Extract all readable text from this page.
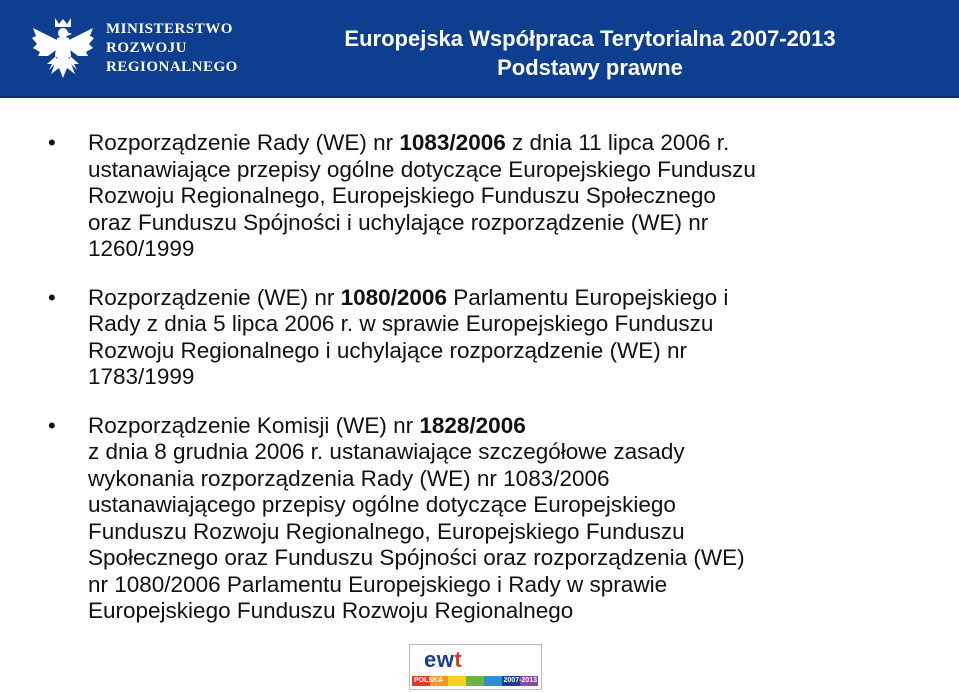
MINISTERSTWO
ROZWOJU
REGIONALNEGO
Europejska Współpraca Terytorialna 2007-2013
Podstawy prawne
• Rozporządzenie Rady (WE) nr 1083/2006 z dnia 11 lipca 2006 r.
ustanawiające przepisy ogólne dotyczące Europejskiego Funduszu
Rozwoju Regionalnego, Europejskiego Funduszu Społecznego
oraz Funduszu Spójności i uchylające rozporządzenie (WE) nr
1260/1999
• Rozporządzenie (WE) nr 1080/2006 Parlamentu Europejskiego i
Rady z dnia 5 lipca 2006 r. w sprawie Europejskiego Funduszu
Rozwoju Regionalnego i uchylające rozporządzenie (WE) nr
1783/1999
• Rozporządzenie Komisji (WE) nr 1828/2006
z dnia 8 grudnia 2006 r. ustanawiające szczegółowe zasady
wykonania rozporządzenia Rady (WE) nr 1083/2006
ustanawiającego przepisy ogólne dotyczące Europejskiego
Funduszu Rozwoju Regionalnego, Europejskiego Funduszu
Społecznego oraz Funduszu Spójności oraz rozporządzenia (WE)
nr 1080/2006 Parlamentu Europejskiego i Rady w sprawie
Europejskiego Funduszu Rozwoju Regionalnego
ewt
POLSKA	2007-2013
